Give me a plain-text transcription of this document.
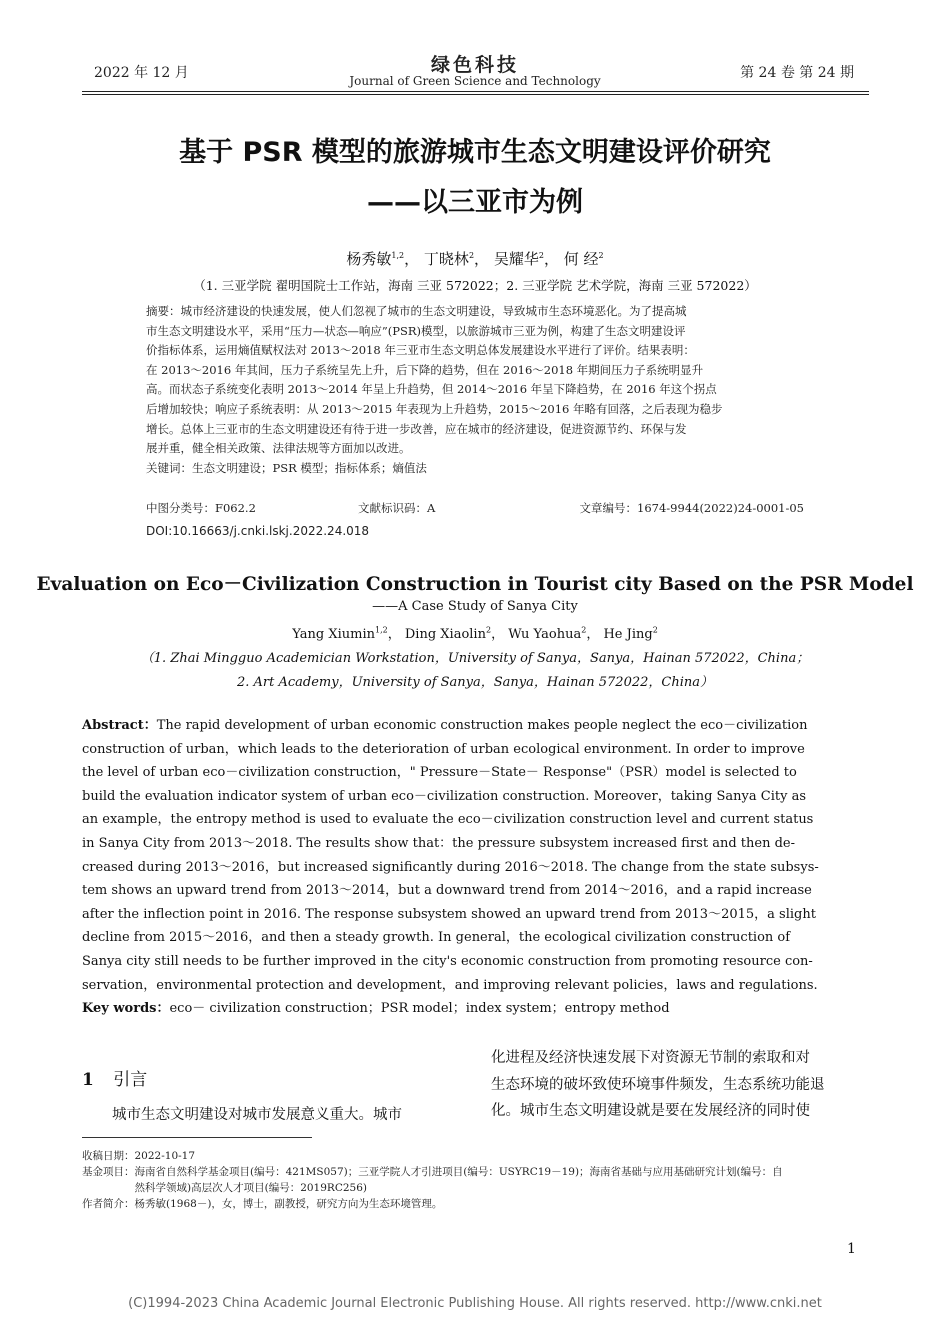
2022 年 12 月	绿色科技
Journal of Green Science and Technology	第 24 卷 第 24 期
基于 PSR 模型的旅游城市生态文明建设评价研究
——以三亚市为例
杨秀敏$^{1,2}$， 丁晓林$^2$， 吴耀华$^2$， 何 经$^2$
（1. 三亚学院 翟明国院士工作站，海南 三亚 572022；2. 三亚学院 艺术学院，海南 三亚 572022）
摘要：城市经济建设的快速发展，使人们忽视了城市的生态文明建设，导致城市生态环境恶化。为了提高城
市生态文明建设水平，采用“压力—状态—响应”(PSR)模型，以旅游城市三亚为例，构建了生态文明建设评
价指标体系，运用熵值赋权法对 2013～2018 年三亚市生态文明总体发展建设水平进行了评价。结果表明：
在 2013～2016 年其间，压力子系统呈先上升，后下降的趋势，但在 2016～2018 年期间压力子系统明显升
高。而状态子系统变化表明 2013～2014 年呈上升趋势，但 2014～2016 年呈下降趋势，在 2016 年这个拐点
后增加较快；响应子系统表明：从 2013～2015 年表现为上升趋势，2015～2016 年略有回落，之后表现为稳步
增长。总体上三亚市的生态文明建设还有待于进一步改善，应在城市的经济建设，促进资源节约、环保与发
展并重，健全相关政策、法律法规等方面加以改进。
关键词：生态文明建设；PSR 模型；指标体系；熵值法
中图分类号：F062.2	文献标识码：A	文章编号：1674-9944(2022)24-0001-05
DOI:10.16663/j.cnki.lskj.2022.24.018
Evaluation on Eco－Civilization Construction in Tourist city Based on the PSR Model
——A Case Study of Sanya City
Yang Xiumin$^{1,2}$， Ding Xiaolin$^2$， Wu Yaohua$^2$， He Jing$^2$
（1. Zhai Mingguo Academician Workstation，University of Sanya，Sanya，Hainan 572022，China；
2. Art Academy，University of Sanya，Sanya，Hainan 572022，China）
Abstract：The rapid development of urban economic construction makes people neglect the eco－civilization
construction of urban，which leads to the deterioration of urban ecological environment. In order to improve
the level of urban eco－civilization construction，" Pressure－State－ Response"（PSR）model is selected to
build the evaluation indicator system of urban eco－civilization construction. Moreover，taking Sanya City as
an example，the entropy method is used to evaluate the eco－civilization construction level and current status
in Sanya City from 2013～2018. The results show that：the pressure subsystem increased first and then de-
creased during 2013～2016，but increased significantly during 2016～2018. The change from the state subsys-
tem shows an upward trend from 2013～2014，but a downward trend from 2014～2016，and a rapid increase
after the inflection point in 2016. The response subsystem showed an upward trend from 2013～2015，a slight
decline from 2015～2016，and then a steady growth. In general，the ecological civilization construction of
Sanya city still needs to be further improved in the city's economic construction from promoting resource con-
servation，environmental protection and development，and improving relevant policies，laws and regulations.
Key words：eco－ civilization construction；PSR model；index system；entropy method
1 引言
城市生态文明建设对城市发展意义重大。城市
化进程及经济快速发展下对资源无节制的索取和对
生态环境的破坏致使环境事件频发，生态系统功能退
化。城市生态文明建设就是要在发展经济的同时使
收稿日期：2022-10-17
基金项目：海南省自然科学基金项目(编号：421MS057)；三亚学院人才引进项目(编号：USYRC19－19)；海南省基础与应用基础研究计划(编号：自
　　　　　然科学领域)高层次人才项目(编号：2019RC256)
作者简介：杨秀敏(1968－)，女，博士，副教授，研究方向为生态环境管理。
1
(C)1994-2023 China Academic Journal Electronic Publishing House. All rights reserved. http://www.cnki.net
